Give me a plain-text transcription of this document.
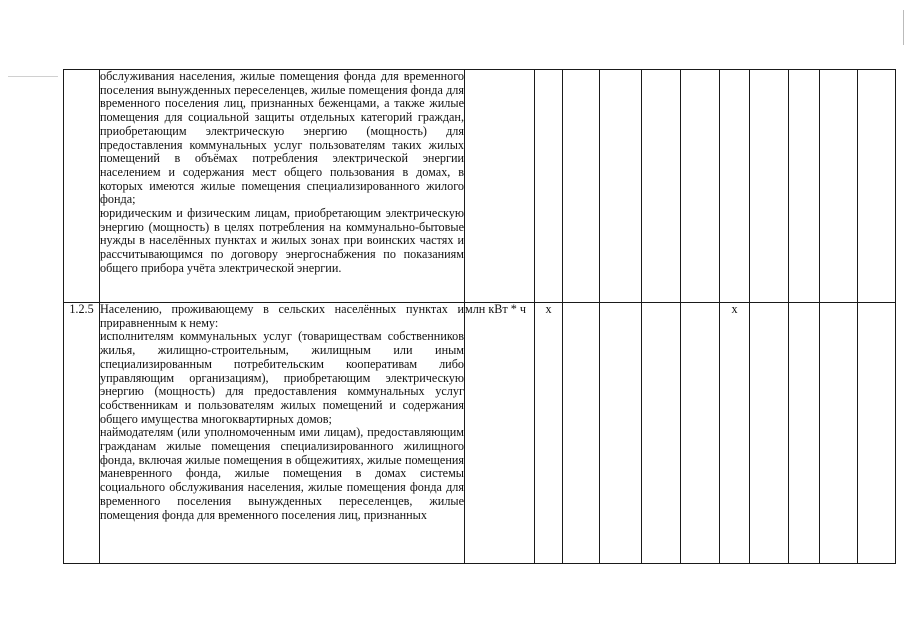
	обслуживания населения, жилые помещения фонда для временного поселения вынужденных переселенцев, жилые помещения фонда для временного поселения лиц, признанных беженцами, а также жилые помещения для социальной защиты отдельных категорий граждан, приобретающим электрическую энергию (мощность) для предоставления коммунальных услуг пользователям таких жилых помещений в объёмах потребления электрической энергии населением и содержания мест общего пользования в домах, в которых имеются жилые помещения специализированного жилого фонда;

юридическим и физическим лицам, приобретающим электрическую энергию (мощность) в целях потребления на коммунально-бытовые нужды в населённых пунктах и жилых зонах при воинских частях и рассчитывающимся по договору энергоснабжения по показаниям общего прибора учёта электрической энергии.												

1.2.5	Населению, проживающему в сельских населённых пунктах и приравненным к нему:

исполнителям коммунальных услуг (товариществам собственников жилья, жилищно-строительным, жилищным или иным специализированным потребительским кооперативам либо управляющим организациям), приобретающим электрическую энергию (мощность) для предоставления коммунальных услуг собственникам и пользователям жилых помещений и содержания общего имущества многоквартирных домов;

наймодателям (или уполномоченным ими лицам), предоставляющим гражданам жилые помещения специализированного жилищного фонда, включая жилые помещения в общежитиях, жилые помещения маневренного фонда, жилые помещения в домах системы социального обслуживания населения, жилые помещения фонда для временного поселения вынужденных переселенцев, жилые помещения фонда для временного поселения лиц, признанных	млн кВт * ч	x					x					
